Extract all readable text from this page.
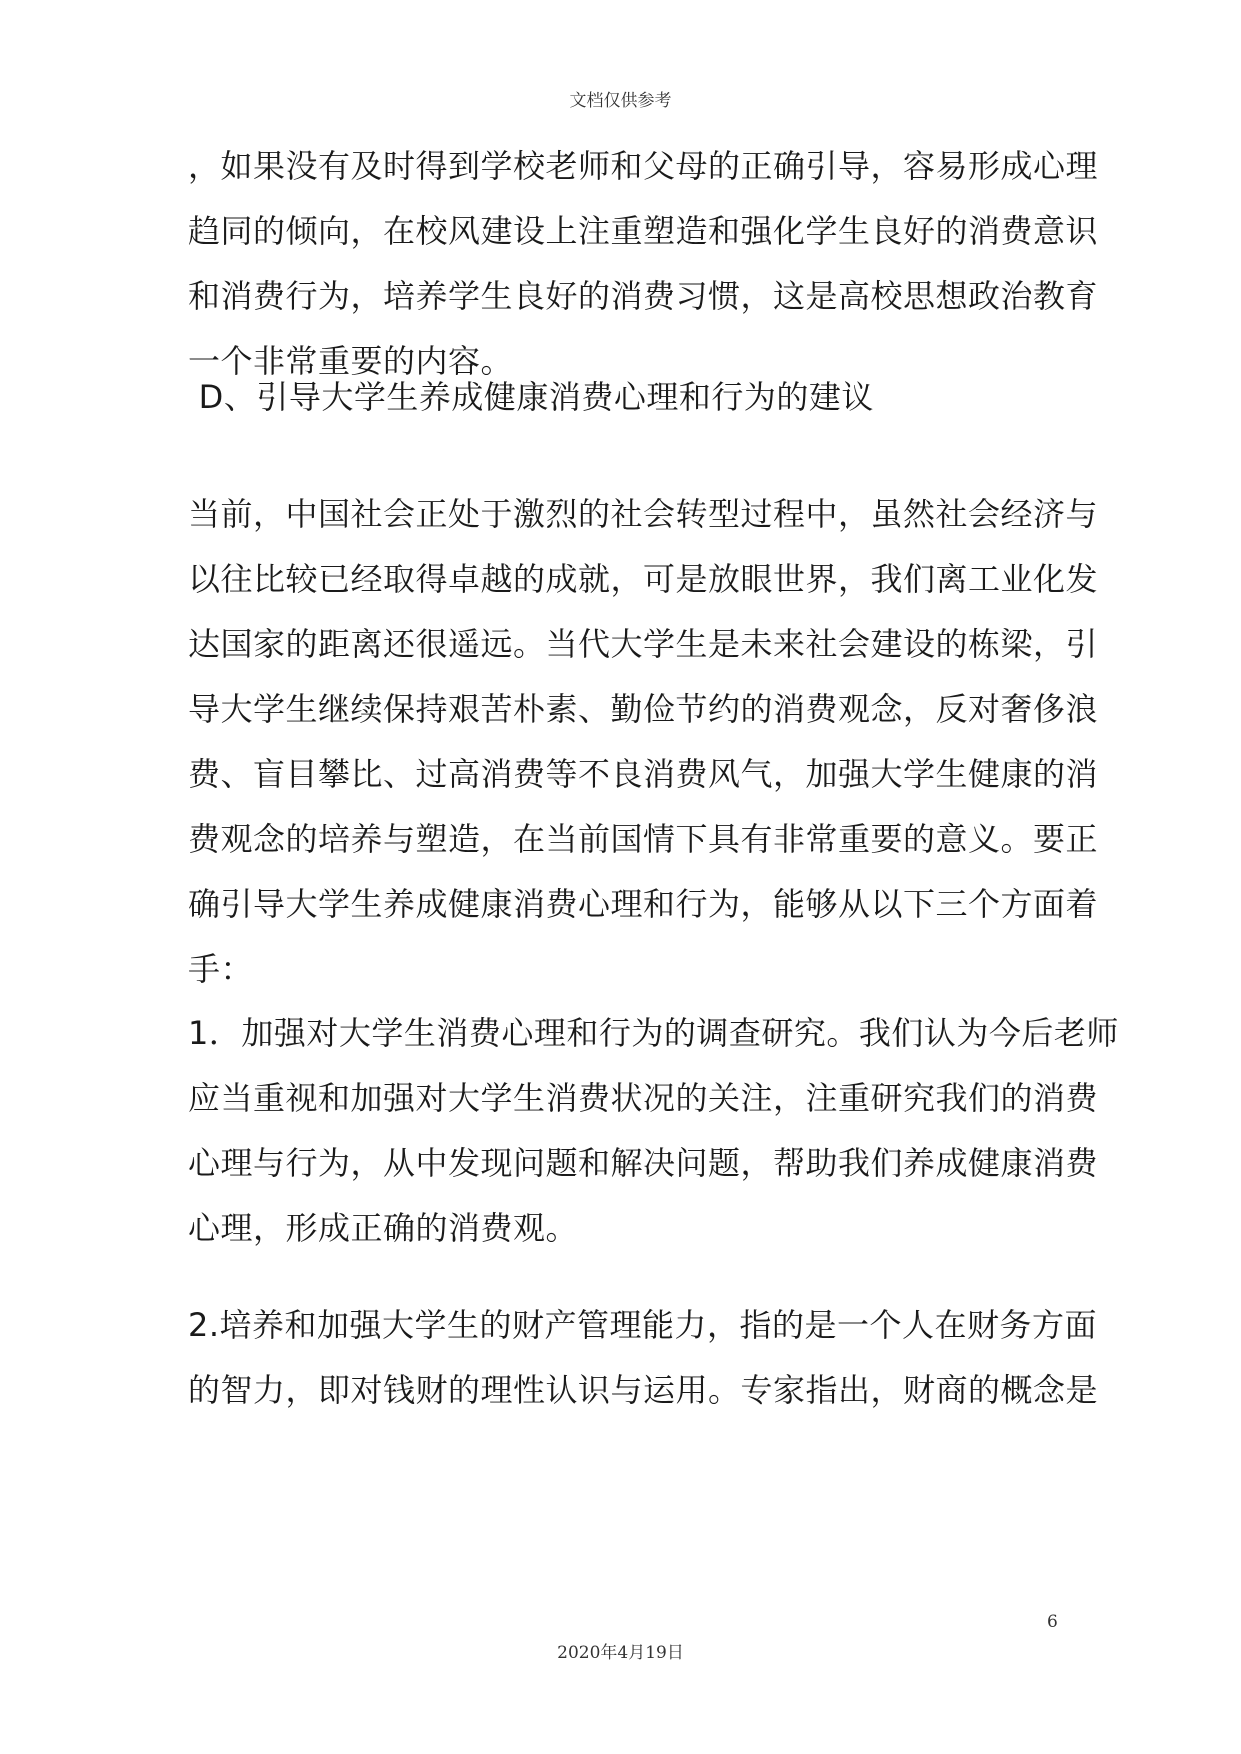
文档仅供参考
，如果没有及时得到学校老师和父母的正确引导，容易形成心理
趋同的倾向，在校风建设上注重塑造和强化学生良好的消费意识
和消费行为，培养学生良好的消费习惯，这是高校思想政治教育
一个非常重要的内容。
D、引导大学生养成健康消费心理和行为的建议
当前，中国社会正处于激烈的社会转型过程中，虽然社会经济与
以往比较已经取得卓越的成就，可是放眼世界，我们离工业化发
达国家的距离还很遥远。当代大学生是未来社会建设的栋梁，引
导大学生继续保持艰苦朴素、勤俭节约的消费观念，反对奢侈浪
费、盲目攀比、过高消费等不良消费风气，加强大学生健康的消
费观念的培养与塑造，在当前国情下具有非常重要的意义。要正
确引导大学生养成健康消费心理和行为，能够从以下三个方面着
手：
1．加强对大学生消费心理和行为的调查研究。我们认为今后老师
应当重视和加强对大学生消费状况的关注，注重研究我们的消费
心理与行为，从中发现问题和解决问题，帮助我们养成健康消费
心理，形成正确的消费观。
2.培养和加强大学生的财产管理能力，指的是一个人在财务方面
的智力，即对钱财的理性认识与运用。专家指出，财商的概念是
6
2020年4月19日
